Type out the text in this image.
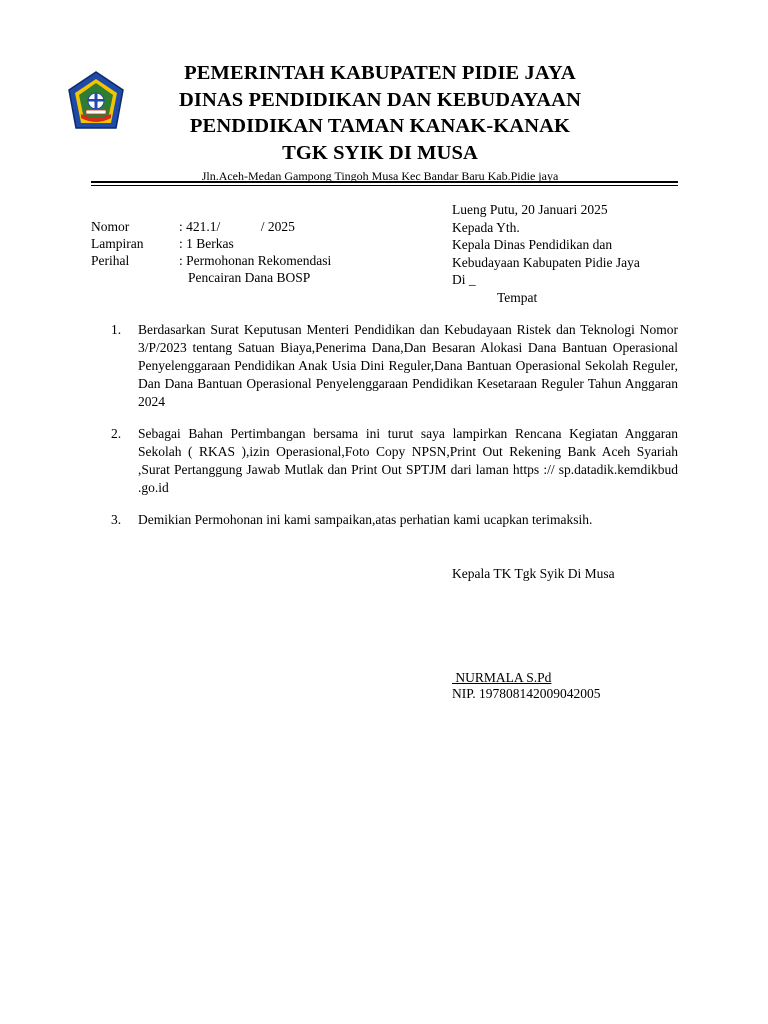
PEMERINTAH KABUPATEN PIDIE JAYA
DINAS PENDIDIKAN DAN KEBUDAYAAN
PENDIDIKAN TAMAN KANAK-KANAK
TGK SYIK DI MUSA
Jln.Aceh-Medan Gampong Tingoh Musa Kec Bandar Baru Kab.Pidie jaya
Nomor	: 421.1/            / 2025
Lampiran	: 1 Berkas
Perihal	: Permohonan Rekomendasi
Pencairan Dana BOSP
Lueng Putu, 20 Januari 2025
Kepada Yth.
Kepala Dinas Pendidikan dan
Kebudayaan Kabupaten Pidie Jaya
Di _
Tempat
1.	Berdasarkan Surat Keputusan Menteri Pendidikan dan Kebudayaan Ristek dan Teknologi Nomor 3/P/2023 tentang Satuan Biaya,Penerima Dana,Dan Besaran Alokasi Dana Bantuan Operasional Penyelenggaraan Pendidikan Anak Usia Dini Reguler,Dana Bantuan Operasional Sekolah Reguler, Dan Dana Bantuan Operasional Penyelenggaraan Pendidikan Kesetaraan Reguler Tahun Anggaran 2024
2.	Sebagai Bahan Pertimbangan bersama ini turut saya lampirkan Rencana Kegiatan Anggaran Sekolah ( RKAS ),izin Operasional,Foto Copy NPSN,Print Out Rekening Bank Aceh Syariah ,Surat Pertanggung Jawab Mutlak dan Print Out SPTJM dari laman https :// sp.datadik.kemdikbud .go.id
3.	Demikian Permohonan ini kami sampaikan,atas perhatian kami ucapkan terimaksih.
Kepala TK Tgk Syik Di Musa
NURMALA S.Pd
NIP. 197808142009042005
